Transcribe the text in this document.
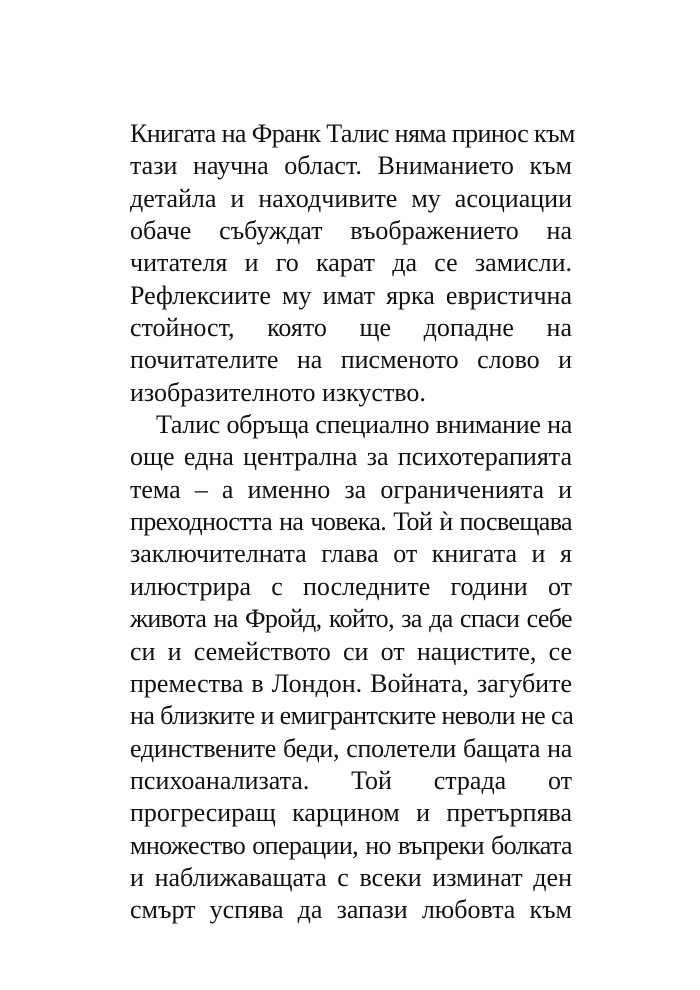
Книгата на Франк Талис няма принос към
тази научна област. Вниманието към
детайла и находчивите му асоциации
обаче събуждат въображението на
читателя и го карат да се замисли.
Рефлексиите му имат ярка евристична
стойност, която ще допадне на
почитателите на писменото слово и
изобразителното изкуство.
Талис обръща специално внимание на
още една централна за психотерапията
тема – а именно за ограниченията и
преходността на човека. Той ѝ посвещава
заключителната глава от книгата и я
илюстрира с последните години от
живота на Фройд, който, за да спаси себе
си и семейството си от нацистите, се
премества в Лондон. Войната, загубите
на близките и емигрантските неволи не са
единствените беди, сполетели бащата на
психоанализата. Той страда от
прогресиращ карцином и претърпява
множество операции, но въпреки болката
и наближаващата с всеки изминат ден
смърт успява да запази любовта към
